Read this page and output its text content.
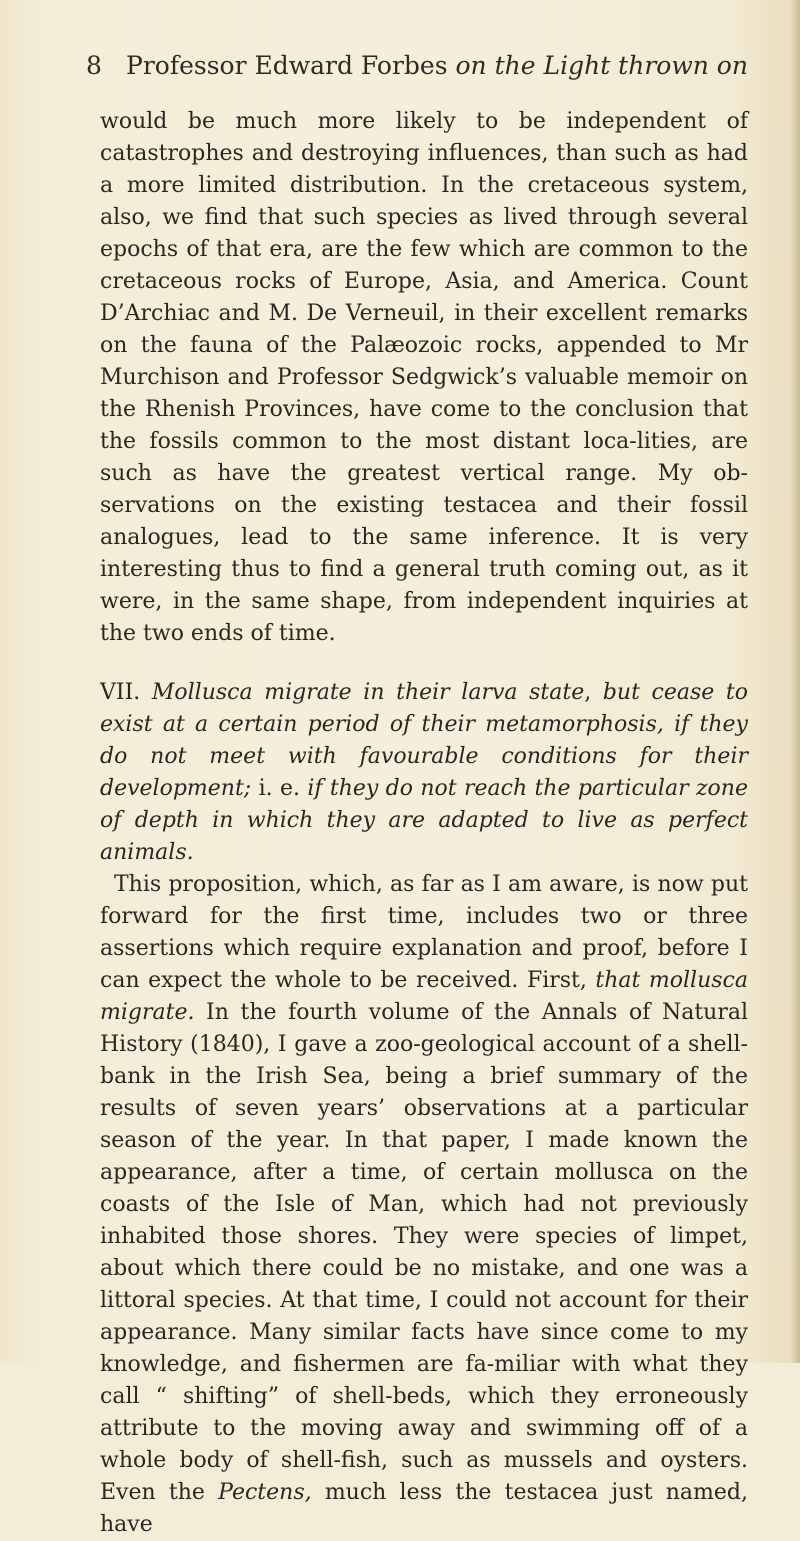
8 Professor Edward Forbes on the Light thrown on

would be much more likely to be independent of catastrophes and destroying influences, than such as had a more limited distribution. In the cretaceous system, also, we find that such species as lived through several epochs of that era, are the few which are common to the cretaceous rocks of Europe, Asia, and America. Count D’Archiac and M. De Verneuil, in their excellent remarks on the fauna of the Palæozoic rocks, appended to Mr Murchison and Professor Sedgwick’s valuable memoir on the Rhenish Provinces, have come to the conclusion that the fossils common to the most distant loca-lities, are such as have the greatest vertical range. My ob-servations on the existing testacea and their fossil analogues, lead to the same inference. It is very interesting thus to find a general truth coming out, as it were, in the same shape, from independent inquiries at the two ends of time.

VII. Mollusca migrate in their larva state, but cease to exist at a certain period of their metamorphosis, if they do not meet with favourable conditions for their development; i. e. if they do not reach the particular zone of depth in which they are adapted to live as perfect animals.

This proposition, which, as far as I am aware, is now put forward for the first time, includes two or three assertions which require explanation and proof, before I can expect the whole to be received. First, that mollusca migrate. In the fourth volume of the Annals of Natural History (1840), I gave a zoo-geological account of a shell-bank in the Irish Sea, being a brief summary of the results of seven years’ observations at a particular season of the year. In that paper, I made known the appearance, after a time, of certain mollusca on the coasts of the Isle of Man, which had not previously inhabited those shores. They were species of limpet, about which there could be no mistake, and one was a littoral species. At that time, I could not account for their appearance. Many similar facts have since come to my knowledge, and fishermen are fa-miliar with what they call “ shifting” of shell-beds, which they erroneously attribute to the moving away and swimming off of a whole body of shell-fish, such as mussels and oysters. Even the Pectens, much less the testacea just named, have
